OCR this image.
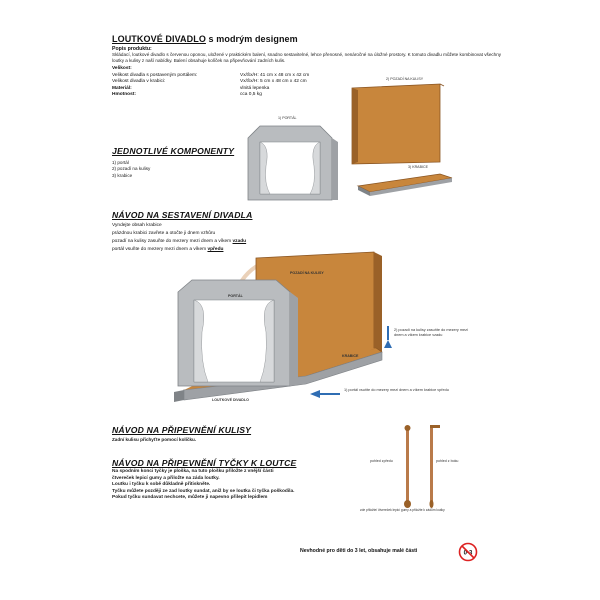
LOUTKOVÉ DIVADLO s modrým designem
Popis produktu:
Skládací, loutkové divadlo s červenou oponou, uložené v praktickém balení, snadno sestavitelné, lehce přenosné, nenáročné na úložné prostory. K tomuto divadlu můžete kombinovat všechny loutky a kulisy z naší nabídky. Balení obsahuje kolíček na připevňování zadních kulis.
Velikost:
Velikost divadla s postaveným portálem:	Vx/Šx/H: 41 cm x 48 cm x 42 cm
Velikost divadla v krabici:	Vx/Šx/H: 5 cm x 48 cm x 42 cm
Materiál:	vlnitá lepenka
Hmotnost:	cca 0,5 kg
JEDNOTLIVÉ KOMPONENTY
1) portál
2) pozadí na kulisy
3) krabice
2) POZADÍ NA KULISY
1) PORTÁL
3) KRABICE
NÁVOD NA SESTAVENÍ DIVADLA
Vyndejte obsah krabice
prázdnou krabici zavřete a otočte ji dnem vzhůru
pozadí na kulisy zasuňte do mezery mezi dnem a víkem vzadu
portál vsuňte do mezery mezi dnem a víkem vpředu
POZADÍ NA KULISY
PORTÁL
KRABICE
LOUTKOVÉ DIVADLO
2) pozadí na kulisy zasuňte do mezery mezi dnem a víkem krabice vzadu
1) portál vsuňte do mezery mezi dnem a víkem krabice vpředu
NÁVOD NA PŘIPEVNĚNÍ KULISY
Zadní kulisu přichyťte pomocí kolíčku.
NÁVOD NA PŘIPEVNĚNÍ TYČKY K LOUTCE
Na spodním konci tyčky je ploška, na tuto plošku přiložte z vnější části
čtvereček lepicí gumy a přiložte na záda loutky.
Loutku i tyčku k sobě důkladně přitiskněte.
Tyčku můžete později ze zad loutky sundat, aniž by se loutka či tyčka poškodila.
Pokud tyčku sundavat nechcete, můžete ji napevno přilepit lepidlem
pohled zpředu	pohled z boku
zde přiložte/ čtvereček lepicí gumy a přiložte k zádům loutky
Nevhodné pro děti do 3 let, obsahuje malé části	0-3
